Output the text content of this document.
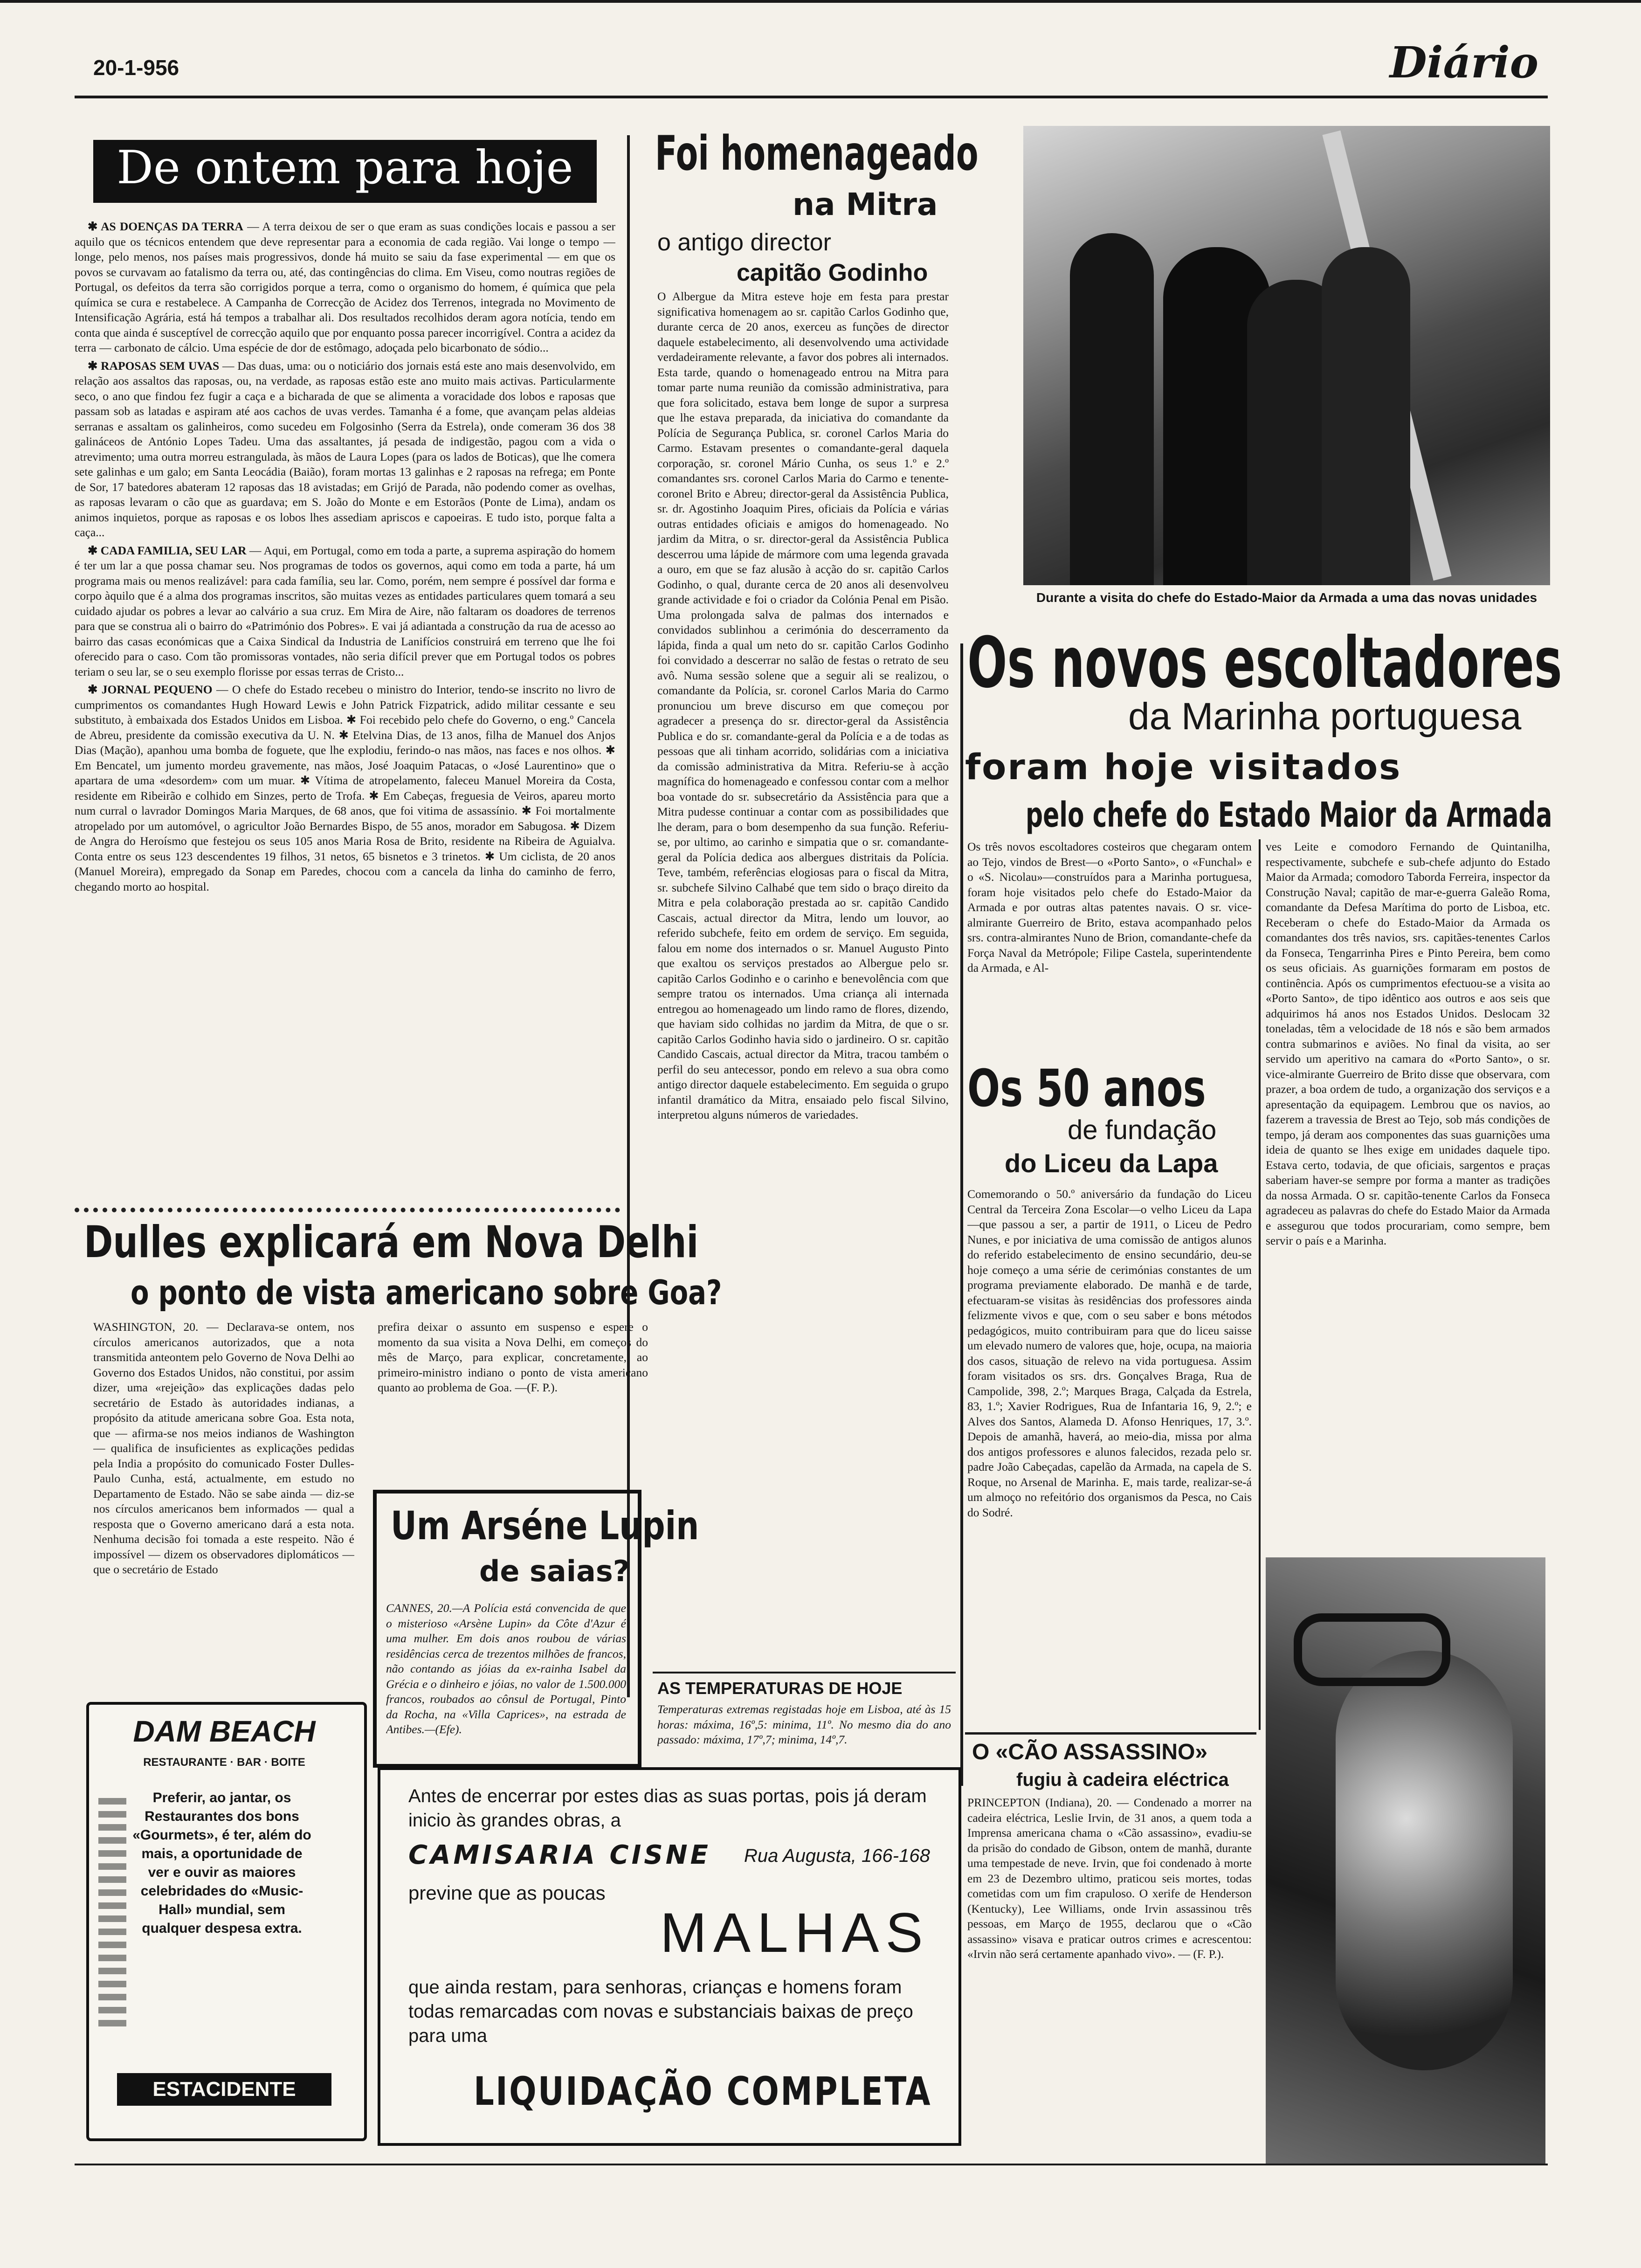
20-1-956	Diário
De ontem para hoje

✱ AS DOENÇAS DA TERRA — A terra deixou de ser o que eram as suas condições locais e passou a ser aquilo que os técnicos entendem que deve representar para a economia de cada região. Vai longe o tempo — longe, pelo menos, nos países mais progressivos, donde há muito se saiu da fase experimental — em que os povos se curvavam ao fatalismo da terra ou, até, das contingências do clima. Em Viseu, como noutras regiões de Portugal, os defeitos da terra são corrigidos porque a terra, como o organismo do homem, é química que pela química se cura e restabelece. A Campanha de Correcção de Acidez dos Terrenos, integrada no Movimento de Intensificação Agrária, está há tempos a trabalhar ali. Dos resultados recolhidos deram agora notícia, tendo em conta que ainda é susceptível de correcção aquilo que por enquanto possa parecer incorrigível. Contra a acidez da terra — carbonato de cálcio. Uma espécie de dor de estômago, adoçada pelo bicarbonato de sódio...

✱ RAPOSAS SEM UVAS — Das duas, uma: ou o noticiário dos jornais está este ano mais desenvolvido, em relação aos assaltos das raposas, ou, na verdade, as raposas estão este ano muito mais activas. Particularmente seco, o ano que findou fez fugir a caça e a bicharada de que se alimenta a voracidade dos lobos e raposas que passam sob as latadas e aspiram até aos cachos de uvas verdes. Tamanha é a fome, que avançam pelas aldeias serranas e assaltam os galinheiros, como sucedeu em Folgosinho (Serra da Estrela), onde comeram 36 dos 38 galináceos de António Lopes Tadeu. Uma das assaltantes, já pesada de indigestão, pagou com a vida o atrevimento; uma outra morreu estrangulada, às mãos de Laura Lopes (para os lados de Boticas), que lhe comera sete galinhas e um galo; em Santa Leocádia (Baião), foram mortas 13 galinhas e 2 raposas na refrega; em Ponte de Sor, 17 batedores abateram 12 raposas das 18 avistadas; em Grijó de Parada, não podendo comer as ovelhas, as raposas levaram o cão que as guardava; em S. João do Monte e em Estorãos (Ponte de Lima), andam os animos inquietos, porque as raposas e os lobos lhes assediam apriscos e capoeiras. E tudo isto, porque falta a caça...

✱ CADA FAMILIA, SEU LAR — Aqui, em Portugal, como em toda a parte, a suprema aspiração do homem é ter um lar a que possa chamar seu. Nos programas de todos os governos, aqui como em toda a parte, há um programa mais ou menos realizável: para cada família, seu lar. Como, porém, nem sempre é possível dar forma e corpo àquilo que é a alma dos programas inscritos, são muitas vezes as entidades particulares quem tomará a seu cuidado ajudar os pobres a levar ao calvário a sua cruz. Em Mira de Aire, não faltaram os doadores de terrenos para que se construa ali o bairro do «Património dos Pobres». E vai já adiantada a construção da rua de acesso ao bairro das casas económicas que a Caixa Sindical da Industria de Lanifícios construirá em terreno que lhe foi oferecido para o caso. Com tão promissoras vontades, não seria difícil prever que em Portugal todos os pobres teriam o seu lar, se o seu exemplo florisse por essas terras de Cristo...

✱ JORNAL PEQUENO — O chefe do Estado recebeu o ministro do Interior, tendo-se inscrito no livro de cumprimentos os comandantes Hugh Howard Lewis e John Patrick Fizpatrick, adido militar cessante e seu substituto, à embaixada dos Estados Unidos em Lisboa. ✱ Foi recebido pelo chefe do Governo, o eng.º Cancela de Abreu, presidente da comissão executiva da U. N. ✱ Etelvina Dias, de 13 anos, filha de Manuel dos Anjos Dias (Mação), apanhou uma bomba de foguete, que lhe explodiu, ferindo-o nas mãos, nas faces e nos olhos. ✱ Em Bencatel, um jumento mordeu gravemente, nas mãos, José Joaquim Patacas, o «José Laurentino» que o apartara de uma «desordem» com um muar. ✱ Vítima de atropelamento, faleceu Manuel Moreira da Costa, residente em Ribeirão e colhido em Sinzes, perto de Trofa. ✱ Em Cabeças, freguesia de Veiros, apareu morto num curral o lavrador Domingos Maria Marques, de 68 anos, que foi vitima de assassínio. ✱ Foi mortalmente atropelado por um automóvel, o agricultor João Bernardes Bispo, de 55 anos, morador em Sabugosa. ✱ Dizem de Angra do Heroísmo que festejou os seus 105 anos Maria Rosa de Brito, residente na Ribeira de Aguialva. Conta entre os seus 123 descendentes 19 filhos, 31 netos, 65 bisnetos e 3 trinetos. ✱ Um ciclista, de 20 anos (Manuel Moreira), empregado da Sonap em Paredes, chocou com a cancela da linha do caminho de ferro, chegando morto ao hospital.

Dulles explicará em Nova Delhi
o ponto de vista americano sobre Goa?
WASHINGTON, 20. — Declarava-se ontem, nos círculos americanos autorizados, que a nota transmitida anteontem pelo Governo de Nova Delhi ao Governo dos Estados Unidos, não constitui, por assim dizer, uma «rejeição» das explicações dadas pelo secretário de Estado às autoridades indianas, a propósito da atitude americana sobre Goa. Esta nota, que — afirma-se nos meios indianos de Washington — qualifica de insuficientes as explicações pedidas pela India a propósito do comunicado Foster Dulles-Paulo Cunha, está, actualmente, em estudo no Departamento de Estado. Não se sabe ainda — diz-se nos círculos americanos bem informados — qual a resposta que o Governo americano dará a esta nota. Nenhuma decisão foi tomada a este respeito. Não é impossível — dizem os observadores diplomáticos — que o secretário de Estado
prefira deixar o assunto em suspenso e espere o momento da sua visita a Nova Delhi, em começos do mês de Março, para explicar, concretamente, ao primeiro-ministro indiano o ponto de vista americano quanto ao problema de Goa. —(F. P.).
Um Arséne Lupin
de saias?
CANNES, 20.—A Polícia está convencida de que o misterioso «Arsène Lupin» da Côte d'Azur é uma mulher. Em dois anos roubou de várias residências cerca de trezentos milhões de francos, não contando as jóias da ex-rainha Isabel da Grécia e o dinheiro e jóias, no valor de 1.500.000 francos, roubados ao cônsul de Portugal, Pinto da Rocha, na «Villa Caprices», na estrada de Antibes.—(Efe).
DAM BEACH
RESTAURANTE · BAR · BOITE
Preferir, ao jantar, os Restaurantes dos bons «Gourmets», é ter, além do mais, a oportunidade de ver e ouvir as maiores celebridades do «Music-Hall» mundial, sem qualquer despesa extra.
ESTACIDENTE
Foi homenageado
na Mitra
o antigo director
capitão Godinho
O Albergue da Mitra esteve hoje em festa para prestar significativa homenagem ao sr. capitão Carlos Godinho que, durante cerca de 20 anos, exerceu as funções de director daquele estabelecimento, ali desenvolvendo uma actividade verdadeiramente relevante, a favor dos pobres ali internados. Esta tarde, quando o homenageado entrou na Mitra para tomar parte numa reunião da comissão administrativa, para que fora solicitado, estava bem longe de supor a surpresa que lhe estava preparada, da iniciativa do comandante da Polícia de Segurança Publica, sr. coronel Carlos Maria do Carmo. Estavam presentes o comandante-geral daquela corporação, sr. coronel Mário Cunha, os seus 1.º e 2.º comandantes srs. coronel Carlos Maria do Carmo e tenente-coronel Brito e Abreu; director-geral da Assistência Publica, sr. dr. Agostinho Joaquim Pires, oficiais da Polícia e várias outras entidades oficiais e amigos do homenageado. No jardim da Mitra, o sr. director-geral da Assistência Publica descerrou uma lápide de mármore com uma legenda gravada a ouro, em que se faz alusão à acção do sr. capitão Carlos Godinho, o qual, durante cerca de 20 anos ali desenvolveu grande actividade e foi o criador da Colónia Penal em Pisão. Uma prolongada salva de palmas dos internados e convidados sublinhou a cerimónia do descerramento da lápida, finda a qual um neto do sr. capitão Carlos Godinho foi convidado a descerrar no salão de festas o retrato de seu avô. Numa sessão solene que a seguir ali se realizou, o comandante da Polícia, sr. coronel Carlos Maria do Carmo pronunciou um breve discurso em que começou por agradecer a presença do sr. director-geral da Assistência Publica e do sr. comandante-geral da Polícia e a de todas as pessoas que ali tinham acorrido, solidárias com a iniciativa da comissão administrativa da Mitra. Referiu-se à acção magnífica do homenageado e confessou contar com a melhor boa vontade do sr. subsecretário da Assistência para que a Mitra pudesse continuar a contar com as possibilidades que lhe deram, para o bom desempenho da sua função. Referiu-se, por ultimo, ao carinho e simpatia que o sr. comandante-geral da Polícia dedica aos albergues distritais da Polícia. Teve, também, referências elogiosas para o fiscal da Mitra, sr. subchefe Silvino Calhabé que tem sido o braço direito da Mitra e pela colaboração prestada ao sr. capitão Candido Cascais, actual director da Mitra, lendo um louvor, ao referido subchefe, feito em ordem de serviço. Em seguida, falou em nome dos internados o sr. Manuel Augusto Pinto que exaltou os serviços prestados ao Albergue pelo sr. capitão Carlos Godinho e o carinho e benevolência com que sempre tratou os internados. Uma criança ali internada entregou ao homenageado um lindo ramo de flores, dizendo, que haviam sido colhidas no jardim da Mitra, de que o sr. capitão Carlos Godinho havia sido o jardineiro. O sr. capitão Candido Cascais, actual director da Mitra, tracou também o perfil do seu antecessor, pondo em relevo a sua obra como antigo director daquele estabelecimento. Em seguida o grupo infantil dramático da Mitra, ensaiado pelo fiscal Silvino, interpretou alguns números de variedades.
AS TEMPERATURAS DE HOJE
Temperaturas extremas registadas hoje em Lisboa, até às 15 horas: máxima, 16º,5: minima, 11º. No mesmo dia do ano passado: máxima, 17º,7; minima, 14º,7.
Antes de encerrar por estes dias as suas portas, pois já deram inicio às grandes obras, a
CAMISARIA CISNE Rua Augusta, 166-168
previne que as poucas
MALHAS
que ainda restam, para senhoras, crianças e homens foram todas remarcadas com novas e substanciais baixas de preço para uma
LIQUIDAÇÃO COMPLETA
Durante a visita do chefe do Estado-Maior da Armada a uma das novas unidades
Os novos escoltadores
da Marinha portuguesa
foram hoje visitados
pelo chefe do Estado Maior da Armada
Os três novos escoltadores costeiros que chegaram ontem ao Tejo, vindos de Brest—o «Porto Santo», o «Funchal» e o «S. Nicolau»—construídos para a Marinha portuguesa, foram hoje visitados pelo chefe do Estado-Maior da Armada e por outras altas patentes navais. O sr. vice-almirante Guerreiro de Brito, estava acompanhado pelos srs. contra-almirantes Nuno de Brion, comandante-chefe da Força Naval da Metrópole; Filipe Castela, superintendente da Armada, e Al-
ves Leite e comodoro Fernando de Quintanilha, respectivamente, subchefe e sub-chefe adjunto do Estado Maior da Armada; comodoro Taborda Ferreira, inspector da Construção Naval; capitão de mar-e-guerra Galeão Roma, comandante da Defesa Marítima do porto de Lisboa, etc. Receberam o chefe do Estado-Maior da Armada os comandantes dos três navios, srs. capitães-tenentes Carlos da Fonseca, Tengarrinha Pires e Pinto Pereira, bem como os seus oficiais. As guarnições formaram em postos de continência. Após os cumprimentos efectuou-se a visita ao «Porto Santo», de tipo idêntico aos outros e aos seis que adquirimos há anos nos Estados Unidos. Deslocam 32 toneladas, têm a velocidade de 18 nós e são bem armados contra submarinos e aviões. No final da visita, ao ser servido um aperitivo na camara do «Porto Santo», o sr. vice-almirante Guerreiro de Brito disse que observara, com prazer, a boa ordem de tudo, a organização dos serviços e a apresentação da equipagem. Lembrou que os navios, ao fazerem a travessia de Brest ao Tejo, sob más condições de tempo, já deram aos componentes das suas guarnições uma ideia de quanto se lhes exige em unidades daquele tipo. Estava certo, todavia, de que oficiais, sargentos e praças saberiam haver-se sempre por forma a manter as tradições da nossa Armada. O sr. capitão-tenente Carlos da Fonseca agradeceu as palavras do chefe do Estado Maior da Armada e assegurou que todos procurariam, como sempre, bem servir o país e a Marinha.
Os 50 anos
de fundação
do Liceu da Lapa
Comemorando o 50.º aniversário da fundação do Liceu Central da Terceira Zona Escolar—o velho Liceu da Lapa—que passou a ser, a partir de 1911, o Liceu de Pedro Nunes, e por iniciativa de uma comissão de antigos alunos do referido estabelecimento de ensino secundário, deu-se hoje começo a uma série de cerimónias constantes de um programa previamente elaborado. De manhã e de tarde, efectuaram-se visitas às residências dos professores ainda felizmente vivos e que, com o seu saber e bons métodos pedagógicos, muito contribuiram para que do liceu saisse um elevado numero de valores que, hoje, ocupa, na maioria dos casos, situação de relevo na vida portuguesa. Assim foram visitados os srs. drs. Gonçalves Braga, Rua de Campolide, 398, 2.º; Marques Braga, Calçada da Estrela, 83, 1.º; Xavier Rodrigues, Rua de Infantaria 16, 9, 2.º; e Alves dos Santos, Alameda D. Afonso Henriques, 17, 3.º. Depois de amanhã, haverá, ao meio-dia, missa por alma dos antigos professores e alunos falecidos, rezada pelo sr. padre João Cabeçadas, capelão da Armada, na capela de S. Roque, no Arsenal de Marinha. E, mais tarde, realizar-se-á um almoço no refeitório dos organismos da Pesca, no Cais do Sodré.
O «CÃO ASSASSINO»
fugiu à cadeira eléctrica
PRINCEPTON (Indiana), 20. — Condenado a morrer na cadeira eléctrica, Leslie Irvin, de 31 anos, a quem toda a Imprensa americana chama o «Cão assassino», evadiu-se da prisão do condado de Gibson, ontem de manhã, durante uma tempestade de neve. Irvin, que foi condenado à morte em 23 de Dezembro ultimo, praticou seis mortes, todas cometidas com um fim crapuloso. O xerife de Henderson (Kentucky), Lee Williams, onde Irvin assassinou três pessoas, em Março de 1955, declarou que o «Cão assassino» visava e praticar outros crimes e acrescentou: «Irvin não será certamente apanhado vivo». — (F. P.).
